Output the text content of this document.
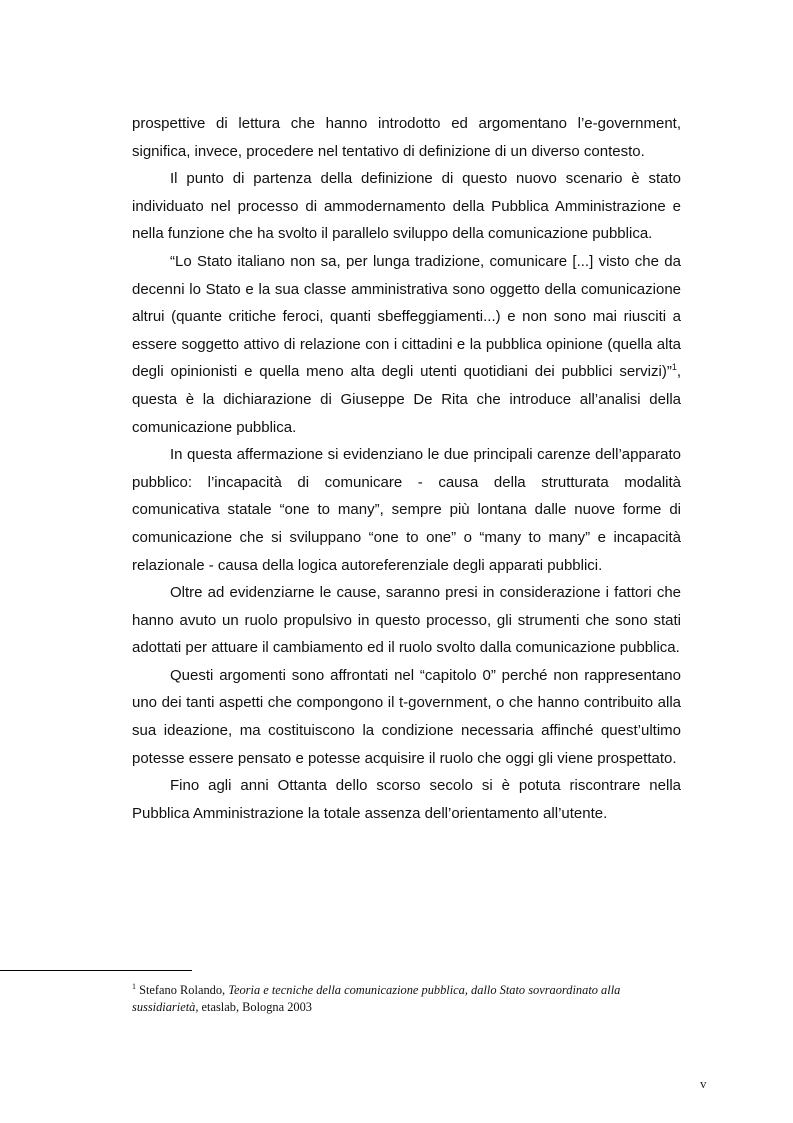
prospettive di lettura che hanno introdotto ed argomentano l’e-government, significa, invece, procedere nel tentativo di definizione di un diverso contesto.

Il punto di partenza della definizione di questo nuovo scenario è stato individuato nel processo di ammodernamento della Pubblica Amministrazione e nella funzione che ha svolto il parallelo sviluppo della comunicazione pubblica.

“Lo Stato italiano non sa, per lunga tradizione, comunicare [...] visto che da decenni lo Stato e la sua classe amministrativa sono oggetto della comunicazione altrui (quante critiche feroci, quanti sbeffeggiamenti...) e non sono mai riusciti a essere soggetto attivo di relazione con i cittadini e la pubblica opinione (quella alta degli opinionisti e quella meno alta degli utenti quotidiani dei pubblici servizi)”$^1$, questa è la dichiarazione di Giuseppe De Rita che introduce all’analisi della comunicazione pubblica.

In questa affermazione si evidenziano le due principali carenze dell’apparato pubblico: l’incapacità di comunicare - causa della strutturata modalità comunicativa statale “one to many”, sempre più lontana dalle nuove forme di comunicazione che si sviluppano “one to one” o “many to many” e incapacità relazionale - causa della logica autoreferenziale degli apparati pubblici.

Oltre ad evidenziarne le cause, saranno presi in considerazione i fattori che hanno avuto un ruolo propulsivo in questo processo, gli strumenti che sono stati adottati per attuare il cambiamento ed il ruolo svolto dalla comunicazione pubblica.

Questi argomenti sono affrontati nel “capitolo 0” perché non rappresentano uno dei tanti aspetti che compongono il t-government, o che hanno contribuito alla sua ideazione, ma costituiscono la condizione necessaria affinché quest’ultimo potesse essere pensato e potesse acquisire il ruolo che oggi gli viene prospettato.

Fino agli anni Ottanta dello scorso secolo si è potuta riscontrare nella Pubblica Amministrazione la totale assenza dell’orientamento all’utente.

$^1$ Stefano Rolando, Teoria e tecniche della comunicazione pubblica, dallo Stato sovraordinato alla sussidiarietà, etaslab, Bologna 2003
v
